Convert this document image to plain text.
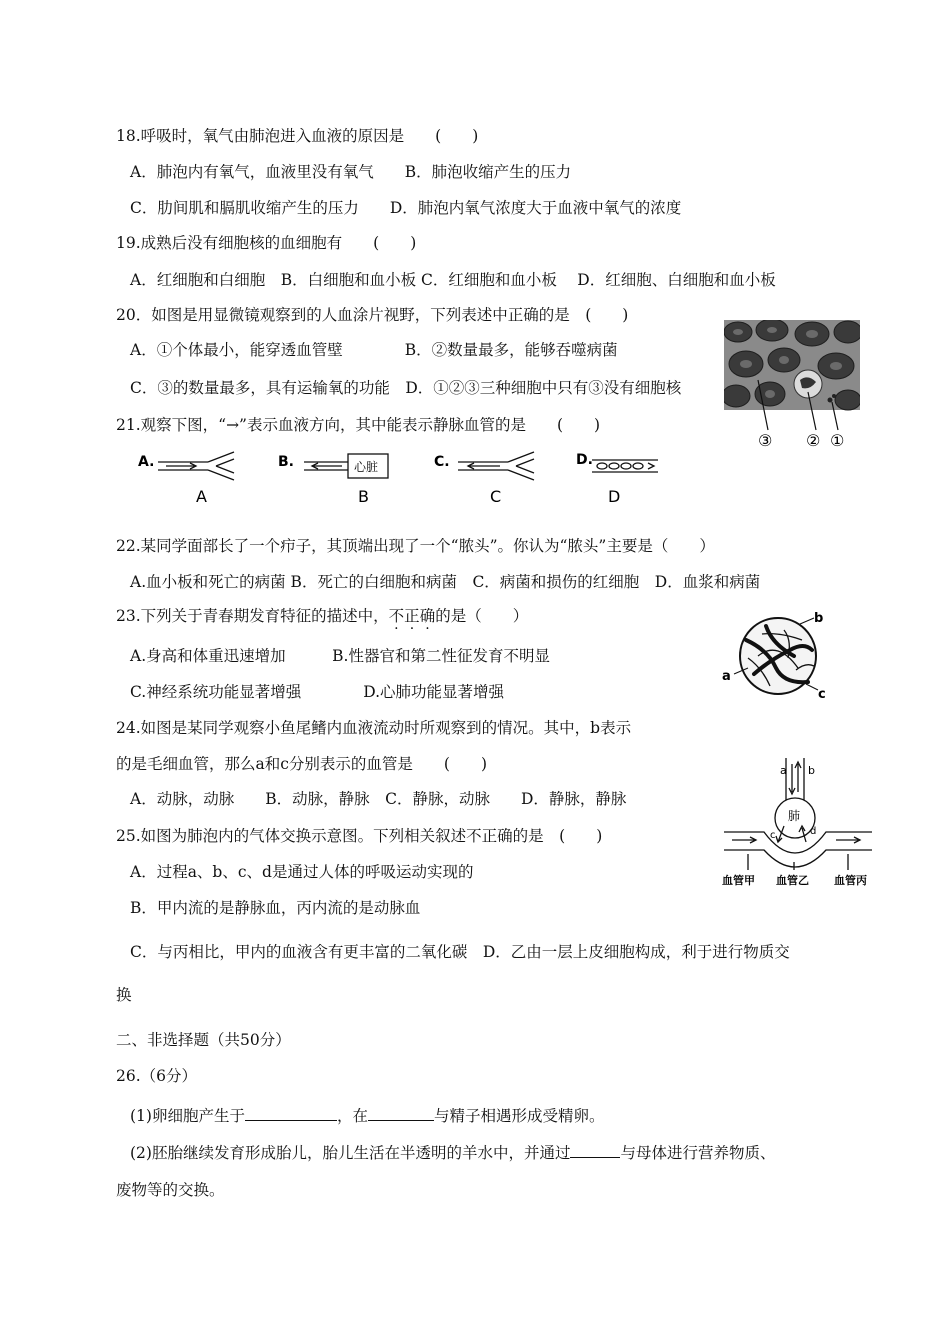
18.呼吸时，氧气由肺泡进入血液的原因是　　(　　)
A．肺泡内有氧气，血液里没有氧气　　B．肺泡收缩产生的压力
C．肋间肌和膈肌收缩产生的压力　　D．肺泡内氧气浓度大于血液中氧气的浓度
19.成熟后没有细胞核的血细胞有　　(　　)
A．红细胞和白细胞　B．白细胞和血小板 C．红细胞和血小板　 D．红细胞、白细胞和血小板
20．如图是用显微镜观察到的人血涂片视野，下列表述中正确的是　(　　)
A．①个体最小，能穿透血管壁　　　　B．②数量最多，能够吞噬病菌
C．③的数量最多，具有运输氧的功能　D．①②③三种细胞中只有③没有细胞核
③ ② ①
21.观察下图，“→”表示血液方向，其中能表示静脉血管的是　　(　　)
A.	B.	C.	D.
心脏
A	B	C	D
22.某同学面部长了一个疖子，其顶端出现了一个“脓头”。你认为“脓头”主要是（　　）
A.血小板和死亡的病菌 B．死亡的白细胞和病菌　C．病菌和损伤的红细胞　D．血浆和病菌
23.下列关于青春期发育特征的描述中，不正确的是（　　）
A.身高和体重迅速增加　　　B.性器官和第二性征发育不明显
C.神经系统功能显著增强　　　　D.心肺功能显著增强
a
b
c
24.如图是某同学观察小鱼尾鳍内血液流动时所观察到的情况。其中，b表示
的是毛细血管，那么a和c分别表示的血管是　　(　　)
A．动脉，动脉　　B．动脉，静脉　C．静脉，动脉　　D．静脉，静脉
25.如图为肺泡内的气体交换示意图。下列相关叙述不正确的是　(　　)
A．过程a、b、c、d是通过人体的呼吸运动实现的
B．甲内流的是静脉血，丙内流的是动脉血
C．与丙相比，甲内的血液含有更丰富的二氧化碳　D．乙由一层上皮细胞构成，利于进行物质交
换
a b
肺
c	d
血管甲 血管乙 血管丙
二、非选择题（共50分）
26.（6分）
(1)卵细胞产生于	，在	与精子相遇形成受精卵。
(2)胚胎继续发育形成胎儿，胎儿生活在半透明的羊水中，并通过	与母体进行营养物质、
废物等的交换。
